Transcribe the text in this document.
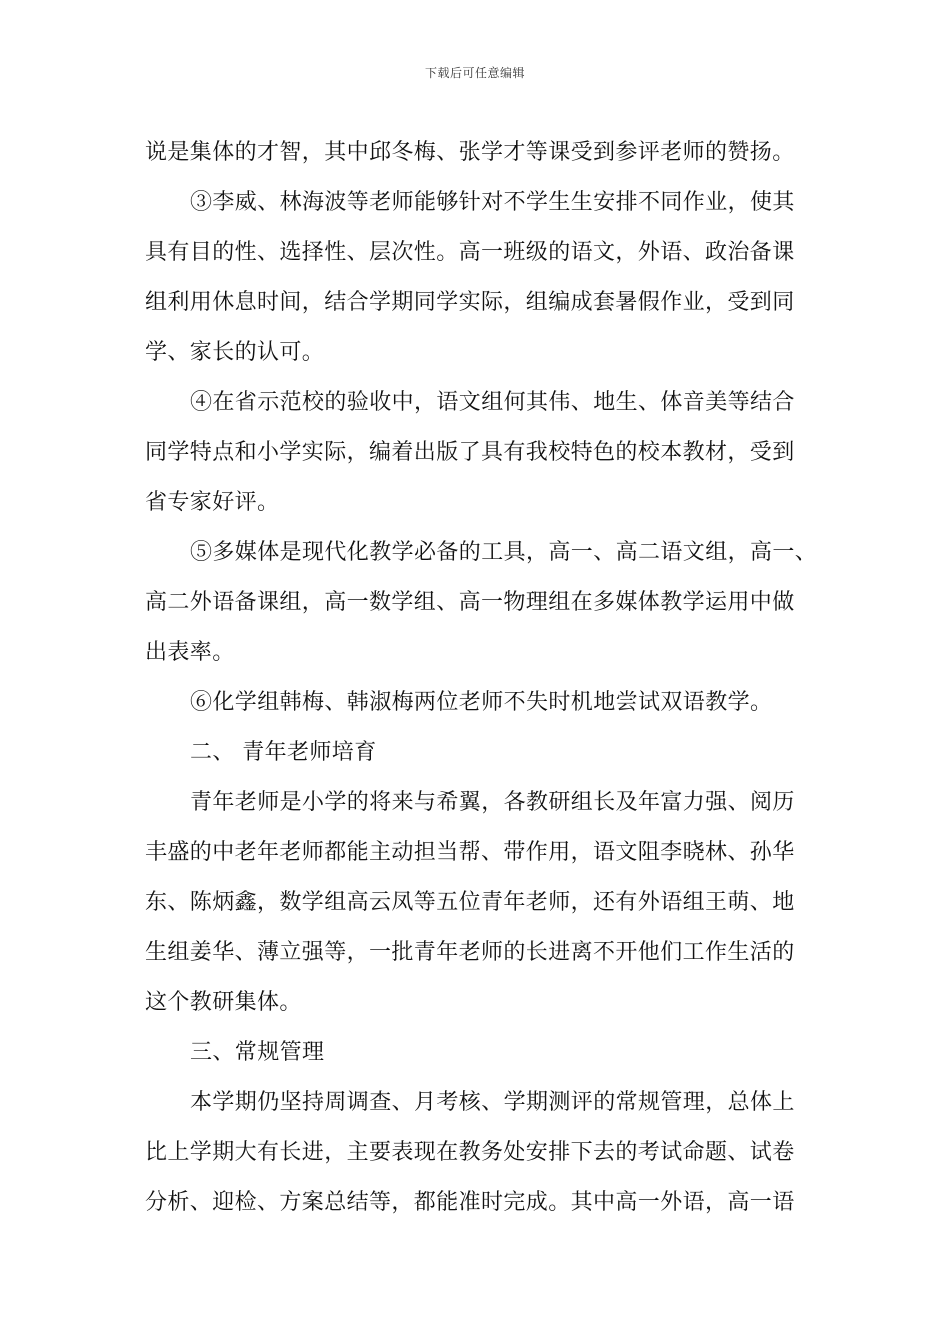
下载后可任意编辑
说是集体的才智，其中邱冬梅、张学才等课受到参评老师的赞扬。
③李威、林海波等老师能够针对不学生生安排不同作业，使其
具有目的性、选择性、层次性。高一班级的语文，外语、政治备课
组利用休息时间，结合学期同学实际，组编成套暑假作业，受到同
学、家长的认可。
④在省示范校的验收中，语文组何其伟、地生、体音美等结合
同学特点和小学实际，编着出版了具有我校特色的校本教材，受到
省专家好评。
⑤多媒体是现代化教学必备的工具，高一、高二语文组，高一、
高二外语备课组，高一数学组、高一物理组在多媒体教学运用中做
出表率。
⑥化学组韩梅、韩淑梅两位老师不失时机地尝试双语教学。
二、 青年老师培育
青年老师是小学的将来与希翼，各教研组长及年富力强、阅历
丰盛的中老年老师都能主动担当帮、带作用，语文阻李晓林、孙华
东、陈炳鑫，数学组高云凤等五位青年老师，还有外语组王萌、地
生组姜华、薄立强等，一批青年老师的长进离不开他们工作生活的
这个教研集体。
三、常规管理
本学期仍坚持周调查、月考核、学期测评的常规管理，总体上
比上学期大有长进，主要表现在教务处安排下去的考试命题、试卷
分析、迎检、方案总结等，都能准时完成。其中高一外语，高一语
